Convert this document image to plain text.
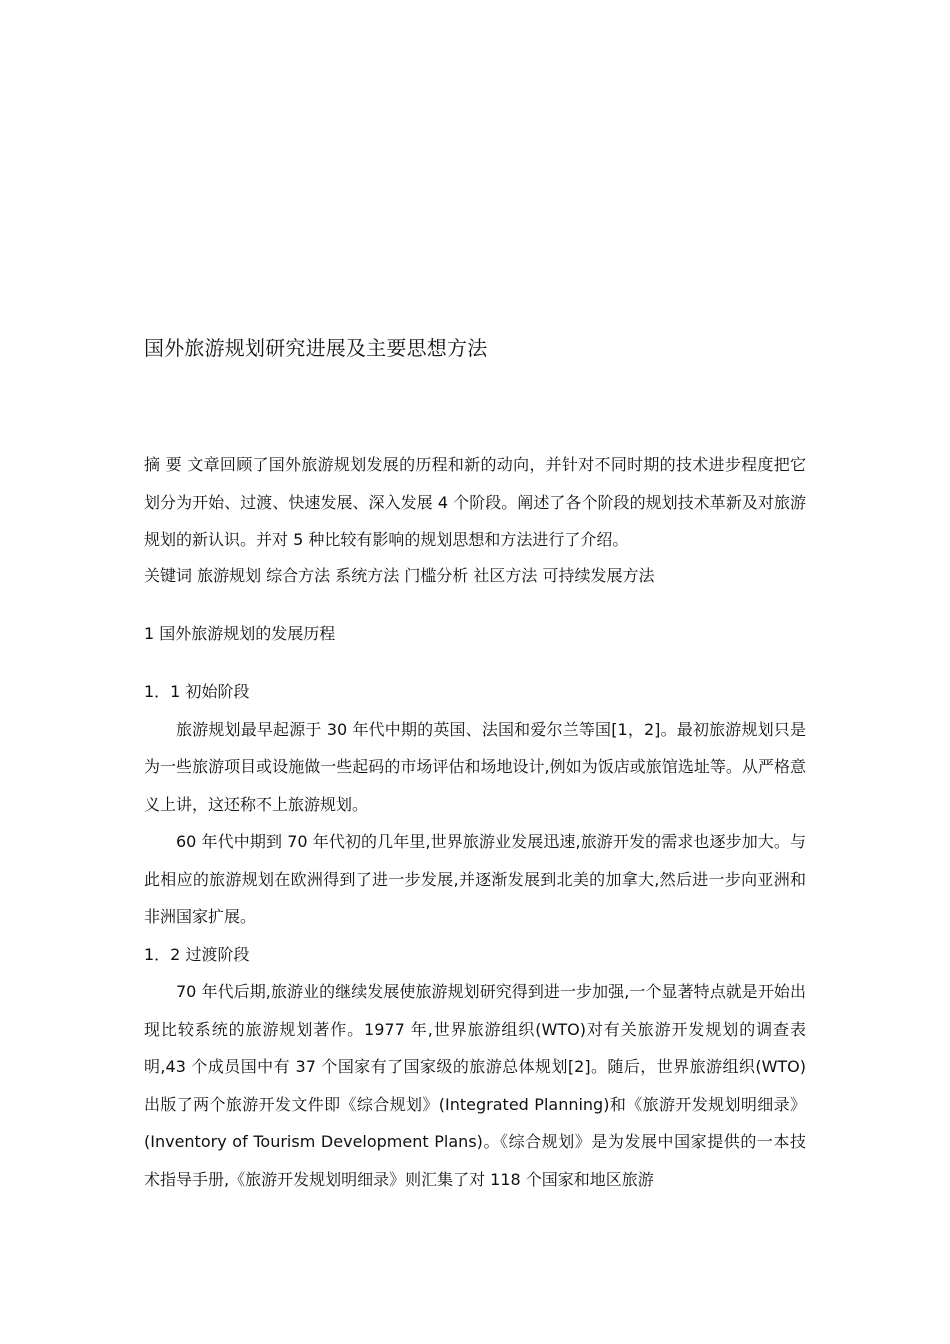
国外旅游规划研究进展及主要思想方法
摘 要 文章回顾了国外旅游规划发展的历程和新的动向，并针对不同时期的技术进步程度把它划分为开始、过渡、快速发展、深入发展 4 个阶段。阐述了各个阶段的规划技术革新及对旅游规划的新认识。并对 5 种比较有影响的规划思想和方法进行了介绍。
关键词 旅游规划 综合方法 系统方法 门槛分析 社区方法 可持续发展方法
1 国外旅游规划的发展历程
1．1 初始阶段

旅游规划最早起源于 30 年代中期的英国、法国和爱尔兰等国[1，2]。最初旅游规划只是为一些旅游项目或设施做一些起码的市场评估和场地设计,例如为饭店或旅馆选址等。从严格意义上讲，这还称不上旅游规划。

60 年代中期到 70 年代初的几年里,世界旅游业发展迅速,旅游开发的需求也逐步加大。与此相应的旅游规划在欧洲得到了进一步发展,并逐渐发展到北美的加拿大,然后进一步向亚洲和非洲国家扩展。

1．2 过渡阶段

70 年代后期,旅游业的继续发展使旅游规划研究得到进一步加强,一个显著特点就是开始出现比较系统的旅游规划著作。1977 年,世界旅游组织(WTO)对有关旅游开发规划的调查表明,43 个成员国中有 37 个国家有了国家级的旅游总体规划[2]。随后，世界旅游组织(WTO)出版了两个旅游开发文件即《综合规划》(Integrated Planning)和《旅游开发规划明细录》(Inventory of Tourism Development Plans)。《综合规划》是为发展中国家提供的一本技术指导手册,《旅游开发规划明细录》则汇集了对 118 个国家和地区旅游
